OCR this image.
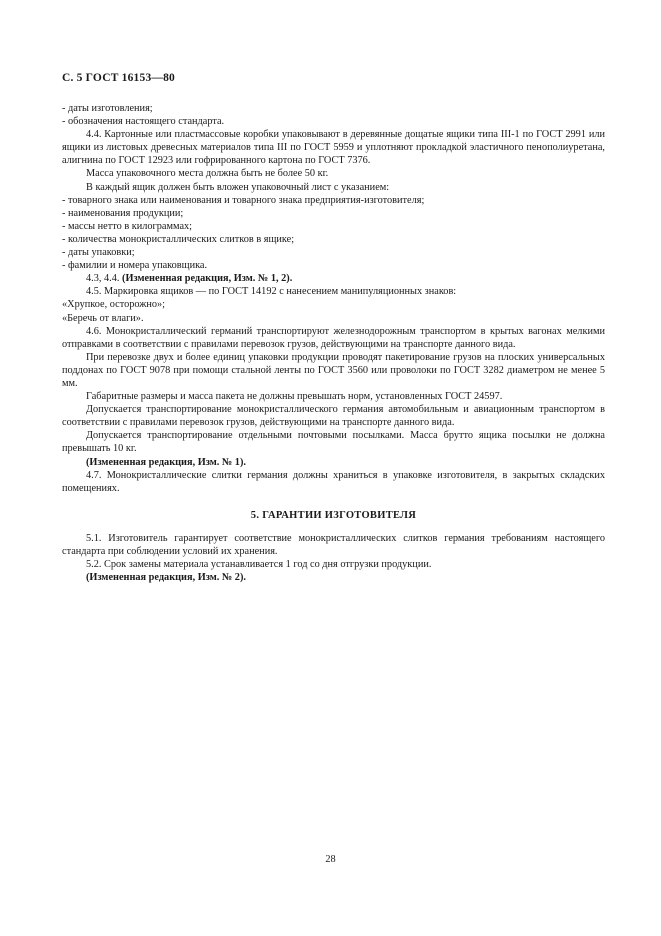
С. 5 ГОСТ 16153—80

- даты изготовления;

- обозначения настоящего стандарта.

4.4. Картонные или пластмассовые коробки упаковывают в деревянные дощатые ящики типа III-1 по ГОСТ 2991 или ящики из листовых древесных материалов типа III по ГОСТ 5959 и уплотняют прокладкой эластичного пенополиуретана, алигнина по ГОСТ 12923 или гофрированного картона по ГОСТ 7376.

Масса упаковочного места должна быть не более 50 кг.

В каждый ящик должен быть вложен упаковочный лист с указанием:

- товарного знака или наименования и товарного знака предприятия-изготовителя;

- наименования продукции;

- массы нетто в килограммах;

- количества монокристаллических слитков в ящике;

- даты упаковки;

- фамилии и номера упаковщика.

4.3, 4.4. (Измененная редакция, Изм. № 1, 2).

4.5. Маркировка ящиков — по ГОСТ 14192 с нанесением манипуляционных знаков:

«Хрупкое, осторожно»;

«Беречь от влаги».

4.6. Монокристаллический германий транспортируют железнодорожным транспортом в крытых вагонах мелкими отправками в соответствии с правилами перевозок грузов, действующими на транспорте данного вида.

При перевозке двух и более единиц упаковки продукции проводят пакетирование грузов на плоских универсальных поддонах по ГОСТ 9078 при помощи стальной ленты по ГОСТ 3560 или проволоки по ГОСТ 3282 диаметром не менее 5 мм.

Габаритные размеры и масса пакета не должны превышать норм, установленных ГОСТ 24597.

Допускается транспортирование монокристаллического германия автомобильным и авиационным транспортом в соответствии с правилами перевозок грузов, действующими на транспорте данного вида.

Допускается транспортирование отдельными почтовыми посылками. Масса брутто ящика посылки не должна превышать 10 кг.

(Измененная редакция, Изм. № 1).

4.7. Монокристаллические слитки германия должны храниться в упаковке изготовителя, в закрытых складских помещениях.

5. ГАРАНТИИ ИЗГОТОВИТЕЛЯ

5.1. Изготовитель гарантирует соответствие монокристаллических слитков германия требованиям настоящего стандарта при соблюдении условий их хранения.

5.2. Срок замены материала устанавливается 1 год со дня отгрузки продукции.

(Измененная редакция, Изм. № 2).

28
